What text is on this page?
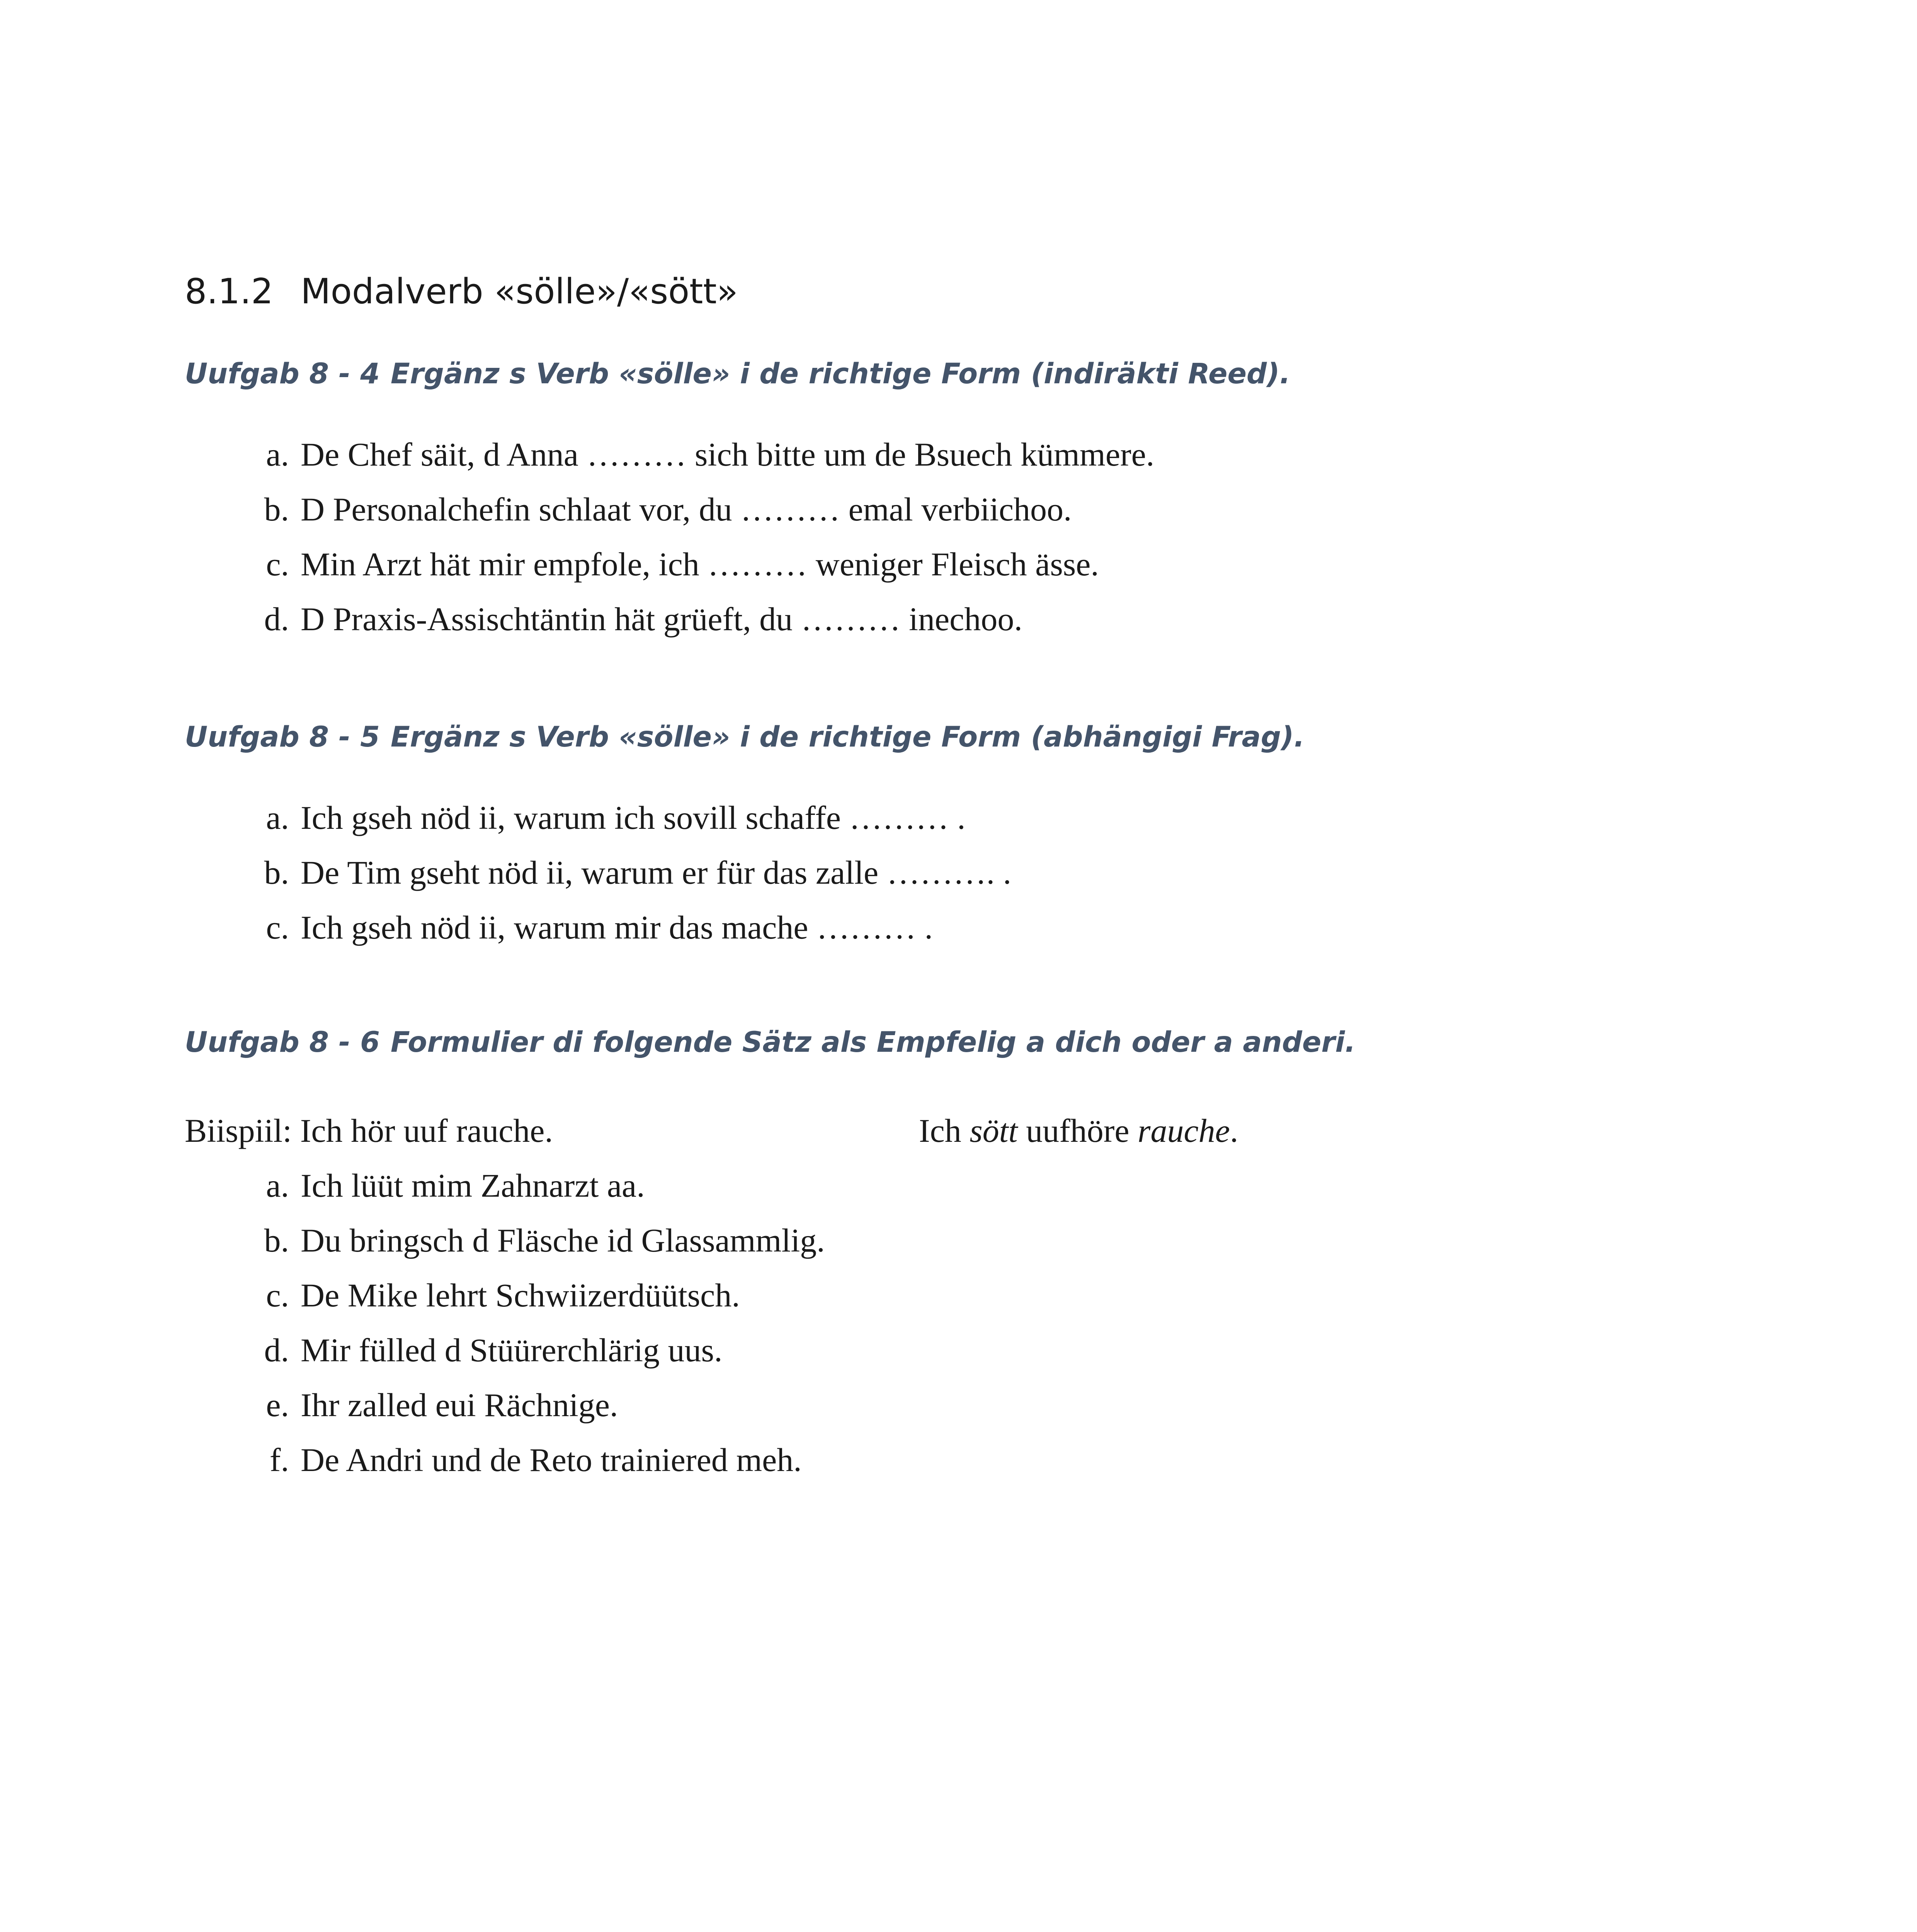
8.1.2 Modalverb «sölle»/«sött»
Uufgab 8 - 4 Ergänz s Verb «sölle» i de richtige Form (indiräkti Reed).
a. De Chef säit, d Anna ……… sich bitte um de Bsuech kümmere.
b. D Personalchefin schlaat vor, du ……… emal verbiichoo.
c. Min Arzt hät mir empfole, ich ……… weniger Fleisch ässe.
d. D Praxis-Assischtäntin hät grüeft, du ……… inechoo.
Uufgab 8 - 5 Ergänz s Verb «sölle» i de richtige Form (abhängigi Frag).
a. Ich gseh nöd ii, warum ich sovill schaffe ……… .
b. De Tim gseht nöd ii, warum er für das zalle ………. .
c. Ich gseh nöd ii, warum mir das mache ……… .
Uufgab 8 - 6 Formulier di folgende Sätz als Empfelig a dich oder a anderi.
Biispiil: Ich hör uuf rauche.	Ich sött uufhöre rauche.
a. Ich lüüt mim Zahnarzt aa.
b. Du bringsch d Fläsche id Glassammlig.
c. De Mike lehrt Schwiizerdüütsch.
d. Mir fülled d Stüürerchlärig uus.
e. Ihr zalled eui Rächnige.
f. De Andri und de Reto trainiered meh.
